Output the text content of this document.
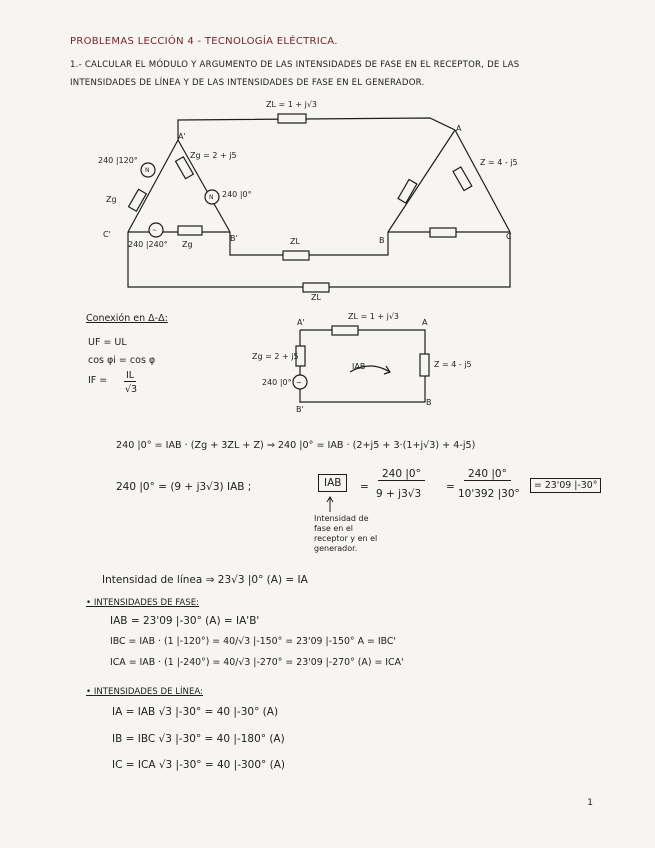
PROBLEMAS LECCIÓN 4 - TECNOLOGÍA ELÉCTRICA.
1.- CALCULAR EL MÓDULO Y ARGUMENTO DE LAS INTENSIDADES DE FASE EN EL RECEPTOR, DE LAS
INTENSIDADES DE LÍNEA Y DE LAS INTENSIDADES DE FASE EN EL GENERADOR.
N
N
~
ZL = 1 + j√3
A'
A
Zg = 2 + j5
240 |120°
240 |0°
Zg
Z = 4 - j5
C'
240 |240° Zg
B'	ZL	B	C
ZL
Conexión en Δ-Δ:
UF = UL
cos φi = cos φ
IF = IL
√3
~
A'
ZL = 1 + j√3
A
Zg = 2 + j5
Z = 4 - j5
240 |0°
IAB
B'
B
240 |0° = IAB · (Zg + 3ZL + Z) ⇒ 240 |0° = IAB · (2+j5 + 3·(1+j√3) + 4-j5)
240 |0° = (9 + j3√3) IAB ;	IAB	=
240 |0°
9 + j3√3
=
240 |0°
10'392 |30°
= 23'09 |-30°
Intensidad de fase en el receptor y en el generador.
Intensidad de línea ⇒ 23√3 |0° (A) = IA
• INTENSIDADES DE FASE:
IAB = 23'09 |-30° (A) = IA'B'
IBC = IAB · (1 |-120°) = 40/√3 |-150° = 23'09 |-150° A = IBC'
ICA = IAB · (1 |-240°) = 40/√3 |-270° = 23'09 |-270° (A) = ICA'
• INTENSIDADES DE LÍNEA:
IA = IAB √3 |-30° = 40 |-30° (A)
IB = IBC √3 |-30° = 40 |-180° (A)
IC = ICA √3 |-30° = 40 |-300° (A)
1
